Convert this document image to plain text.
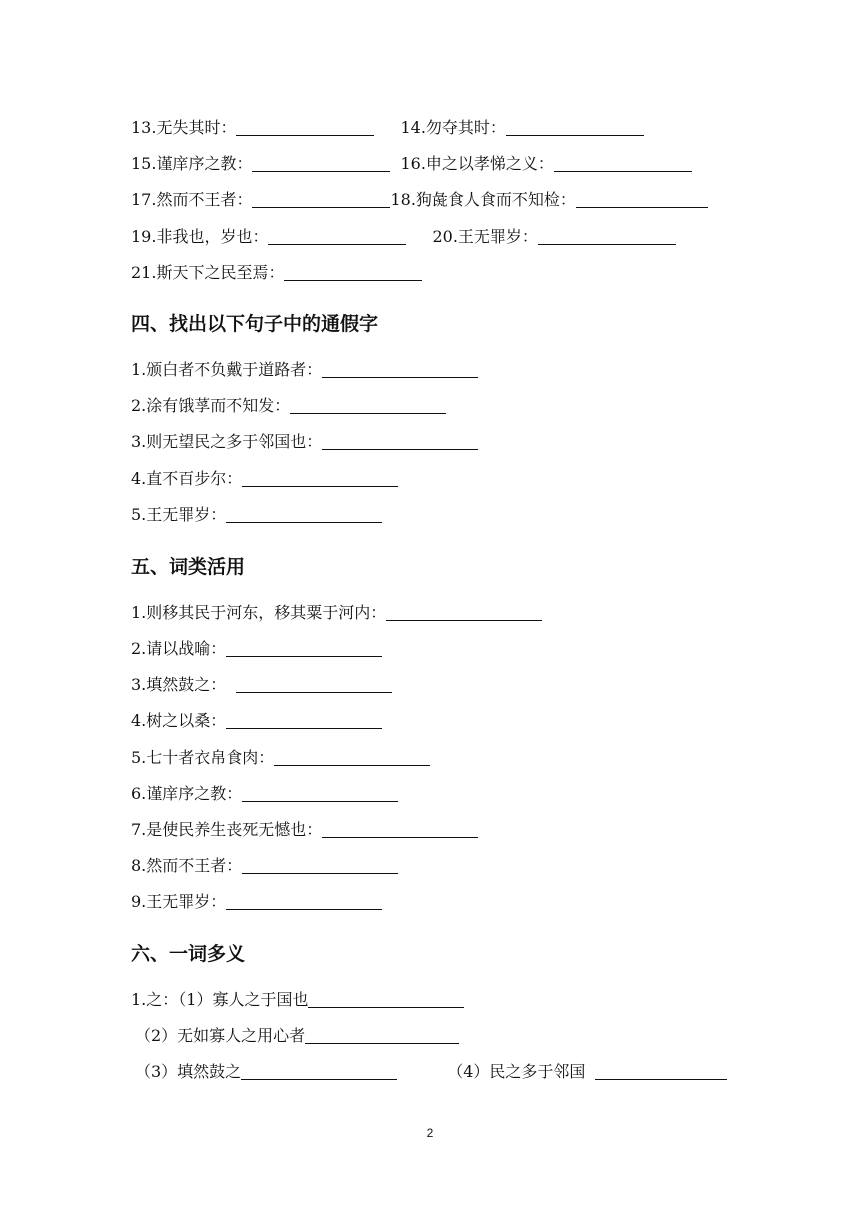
13.无失其时：	14.勿夺其时：
15.谨庠序之教：	16.申之以孝悌之义：
17.然而不王者：	18.狗彘食人食而不知检：
19.非我也，岁也：	20.王无罪岁：
21.斯天下之民至焉：
四、找出以下句子中的通假字
1.颁白者不负戴于道路者：
2.涂有饿莩而不知发：
3.则无望民之多于邻国也：
4.直不百步尔：
5.王无罪岁：
五、词类活用
1.则移其民于河东，移其粟于河内：
2.请以战喻：
3.填然鼓之：
4.树之以桑：
5.七十者衣帛食肉：
6.谨庠序之教：
7.是使民养生丧死无憾也：
8.然而不王者：
9.王无罪岁：
六、一词多义
1.之：（1）寡人之于国也
（2）无如寡人之用心者
（3）填然鼓之	（4）民之多于邻国
2
